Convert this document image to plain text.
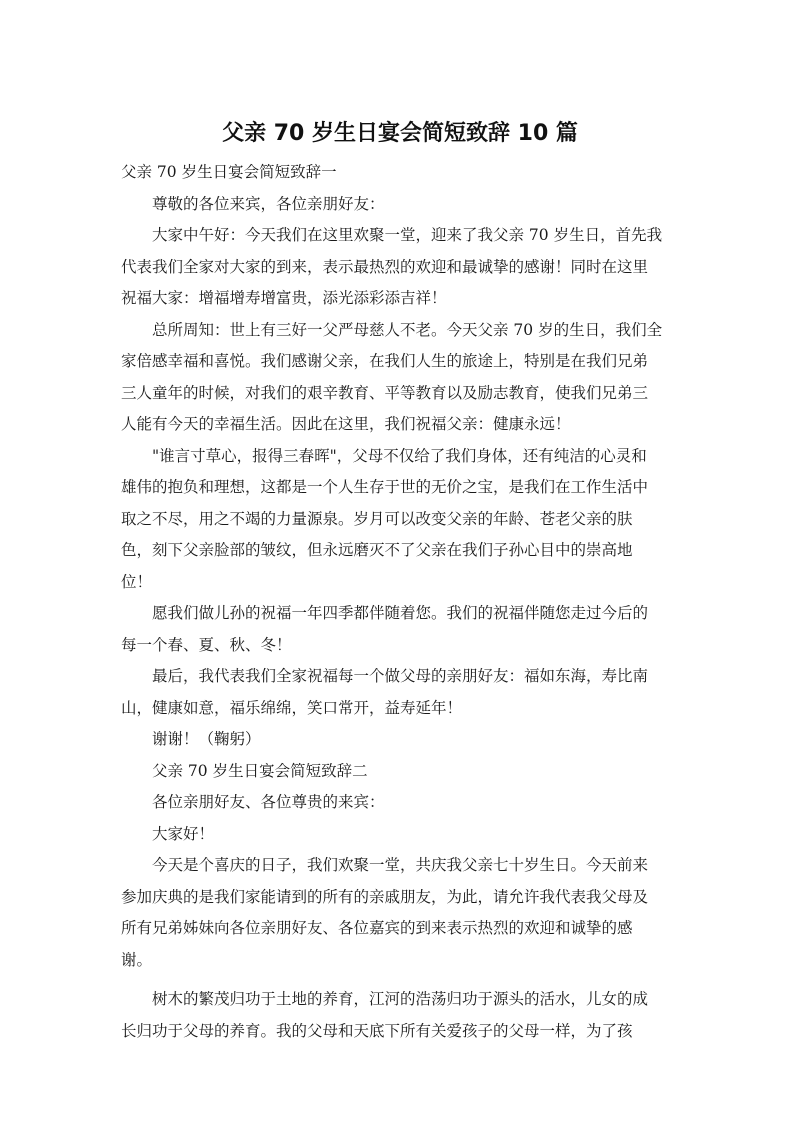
父亲 70 岁生日宴会简短致辞 10 篇
父亲 70 岁生日宴会简短致辞一
尊敬的各位来宾，各位亲朋好友：
大家中午好：今天我们在这里欢聚一堂，迎来了我父亲 70 岁生日，首先我
代表我们全家对大家的到来，表示最热烈的欢迎和最诚挚的感谢！同时在这里
祝福大家：增福增寿增富贵，添光添彩添吉祥！
总所周知：世上有三好一父严母慈人不老。今天父亲 70 岁的生日，我们全
家倍感幸福和喜悦。我们感谢父亲，在我们人生的旅途上，特别是在我们兄弟
三人童年的时候，对我们的艰辛教育、平等教育以及励志教育，使我们兄弟三
人能有今天的幸福生活。因此在这里，我们祝福父亲：健康永远！
"谁言寸草心，报得三春晖"，父母不仅给了我们身体，还有纯洁的心灵和
雄伟的抱负和理想，这都是一个人生存于世的无价之宝，是我们在工作生活中
取之不尽，用之不竭的力量源泉。岁月可以改变父亲的年龄、苍老父亲的肤
色，刻下父亲脸部的皱纹，但永远磨灭不了父亲在我们子孙心目中的崇高地
位！
愿我们做儿孙的祝福一年四季都伴随着您。我们的祝福伴随您走过今后的
每一个春、夏、秋、冬！
最后，我代表我们全家祝福每一个做父母的亲朋好友：福如东海，寿比南
山，健康如意，福乐绵绵，笑口常开，益寿延年！
谢谢！（鞠躬）
父亲 70 岁生日宴会简短致辞二
各位亲朋好友、各位尊贵的来宾：
大家好！
今天是个喜庆的日子，我们欢聚一堂，共庆我父亲七十岁生日。今天前来
参加庆典的是我们家能请到的所有的亲戚朋友，为此，请允许我代表我父母及
所有兄弟姊妹向各位亲朋好友、各位嘉宾的到来表示热烈的欢迎和诚挚的感
谢。
树木的繁茂归功于土地的养育，江河的浩荡归功于源头的活水，儿女的成
长归功于父母的养育。我的父母和天底下所有关爱孩子的父母一样，为了孩
